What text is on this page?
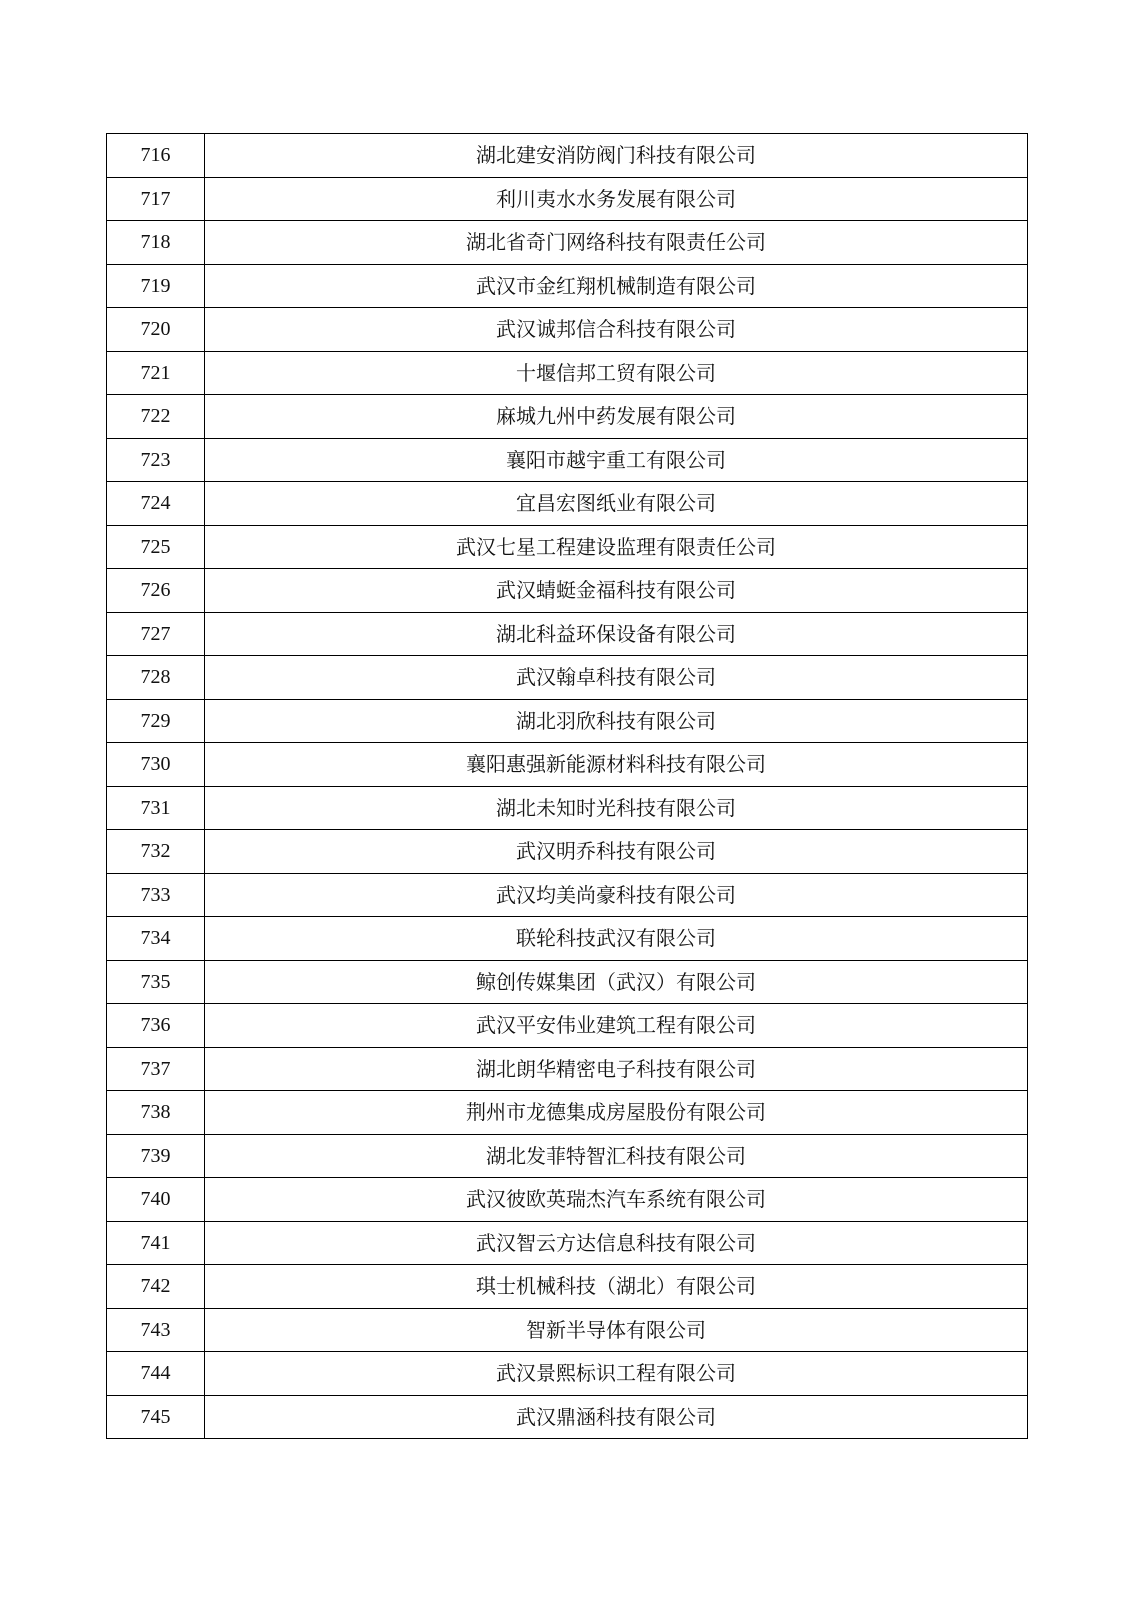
716	湖北建安消防阀门科技有限公司
717	利川夷水水务发展有限公司
718	湖北省奇门网络科技有限责任公司
719	武汉市金红翔机械制造有限公司
720	武汉诚邦信合科技有限公司
721	十堰信邦工贸有限公司
722	麻城九州中药发展有限公司
723	襄阳市越宇重工有限公司
724	宜昌宏图纸业有限公司
725	武汉七星工程建设监理有限责任公司
726	武汉蜻蜓金福科技有限公司
727	湖北科益环保设备有限公司
728	武汉翰卓科技有限公司
729	湖北羽欣科技有限公司
730	襄阳惠强新能源材料科技有限公司
731	湖北未知时光科技有限公司
732	武汉明乔科技有限公司
733	武汉均美尚豪科技有限公司
734	联轮科技武汉有限公司
735	鲸创传媒集团（武汉）有限公司
736	武汉平安伟业建筑工程有限公司
737	湖北朗华精密电子科技有限公司
738	荆州市龙德集成房屋股份有限公司
739	湖北发菲特智汇科技有限公司
740	武汉彼欧英瑞杰汽车系统有限公司
741	武汉智云方达信息科技有限公司
742	琪士机械科技（湖北）有限公司
743	智新半导体有限公司
744	武汉景熙标识工程有限公司
745	武汉鼎涵科技有限公司
